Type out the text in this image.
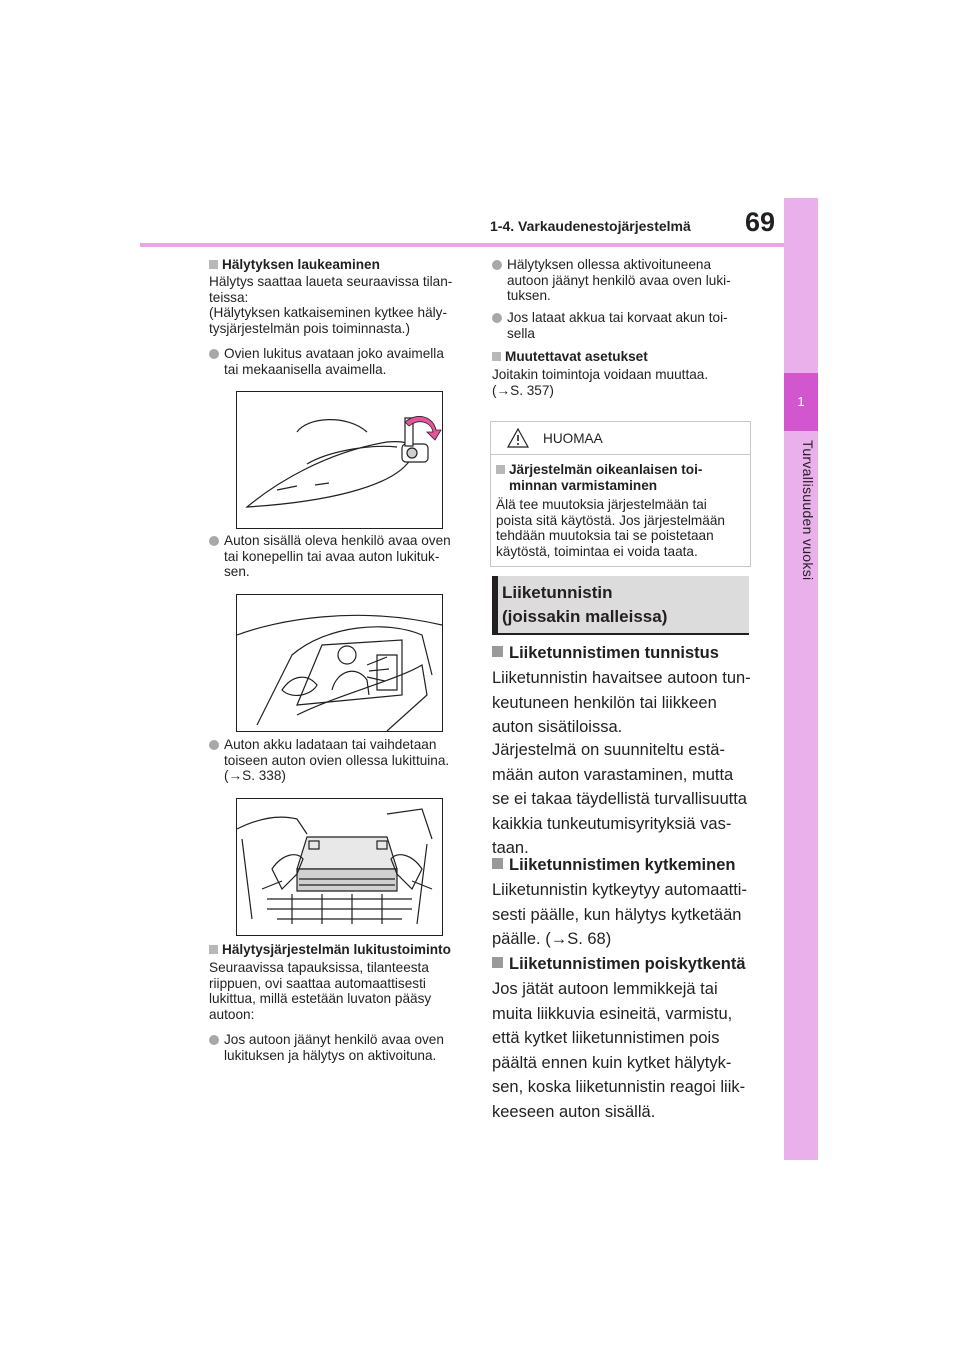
1-4. Varkaudenestojärjestelmä 69
1
Turvallisuuden vuoksi
Hälytyksen laukeaminen
Hälytys saattaa laueta seuraavissa tilan-
teissa:
(Hälytyksen katkaiseminen kytkee häly-
tysjärjestelmän pois toiminnasta.)
Ovien lukitus avataan joko avaimella
tai mekaanisella avaimella.
Auton sisällä oleva henkilö avaa oven
tai konepellin tai avaa auton lukituk-
sen.
Auton akku ladataan tai vaihdetaan
toiseen auton ovien ollessa lukittuina.
(→S. 338)
Hälytysjärjestelmän lukitustoiminto
Seuraavissa tapauksissa, tilanteesta
riippuen, ovi saattaa automaattisesti
lukittua, millä estetään luvaton pääsy
autoon:
Jos autoon jäänyt henkilö avaa oven
lukituksen ja hälytys on aktivoituna.
Hälytyksen ollessa aktivoituneena
autoon jäänyt henkilö avaa oven luki-
tuksen.
Jos lataat akkua tai korvaat akun toi-
sella
Muutettavat asetukset
Joitakin toimintoja voidaan muuttaa.
(→S. 357)
HUOMAA
Järjestelmän oikeanlaisen toi-
minnan varmistaminen
Älä tee muutoksia järjestelmään tai
poista sitä käytöstä. Jos järjestelmään
tehdään muutoksia tai se poistetaan
käytöstä, toimintaa ei voida taata.
Liiketunnistin
(joissakin malleissa)
Liiketunnistimen tunnistus
Liiketunnistin havaitsee autoon tun-
keutuneen henkilön tai liikkeen
auton sisätiloissa.
Järjestelmä on suunniteltu estä-
mään auton varastaminen, mutta
se ei takaa täydellistä turvallisuutta
kaikkia tunkeutumisyrityksiä vas-
taan.
Liiketunnistimen kytkeminen
Liiketunnistin kytkeytyy automaatti-
sesti päälle, kun hälytys kytketään
päälle. (→S. 68)
Liiketunnistimen poiskytkentä
Jos jätät autoon lemmikkejä tai
muita liikkuvia esineitä, varmistu,
että kytket liiketunnistimen pois
päältä ennen kuin kytket hälytyk-
sen, koska liiketunnistin reagoi liik-
keeseen auton sisällä.
